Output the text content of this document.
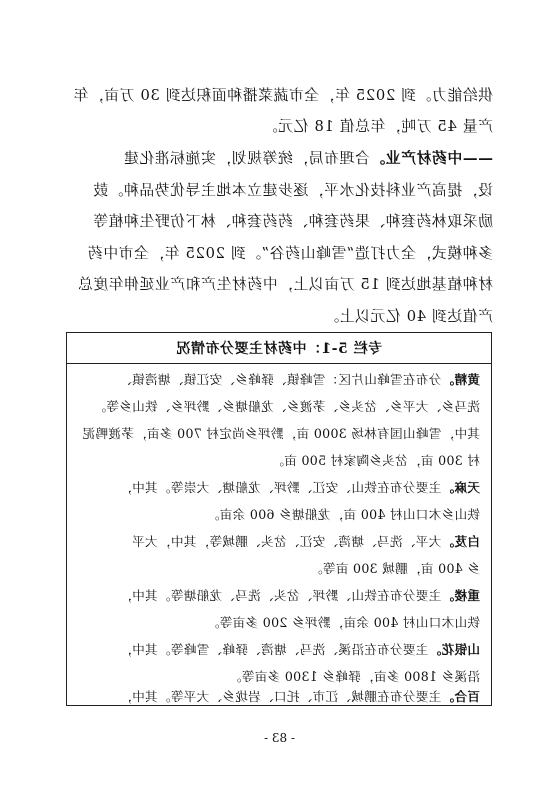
供给能力。到 2025 年，全市蔬菜播种面积达到 30 万亩，年
产量 45 万吨，年总值 18 亿元。
——中药材产业。合理布局，统筹规划，实施标准化建
设，提高产业科技化水平，逐步建立本地主导优势品种。鼓
励采取林药套种、果药套种、药药套种、林下仿野生种植等
多种模式，全力打造“雪峰山药谷”。到 2025 年，全市中药
材种植基地达到 15 万亩以上，中药材生产和产业延伸年度总
产值达到 40 亿元以上。
专栏 5-1：中药材主要分布情况
黄精。分布在雪峰山片区：雪峰镇、驿峰乡、安江镇、塘湾镇、
洗马乡、大平乡、岔头乡、茅渡乡、龙船塘乡、黔坪乡、铁山乡等。
其中，雪峰山国有林场 3000 亩，黔坪乡尚定村 700 多亩，茅渡鸭泥
村 300 亩，岔头乡陶家村 500 亩。
天麻。主要分布在铁山、安江、黔坪、龙船塘、大崇等。其中，
铁山乡木口山村 400 亩，龙船塘乡 600 余亩。
白芨。大平、洗马、塘湾、安江、岔头、鹏城等，其中，大平
乡 400 亩，鹏城 300 亩等。
重楼。主要分布在铁山、黔坪、岔头、洗马、龙船塘等。其中，
铁山木口山村 400 余亩，黔坪乡 200 多亩等。
山银花。主要分布在沿溪、洗马、塘湾、驿峰、雪峰等。其中，
沿溪乡 1800 多亩，驿峰乡 1300 多亩等。
百合。主要分布在鹏城、江市、托口、岩垅乡、大平等。其中，
- 83 -
